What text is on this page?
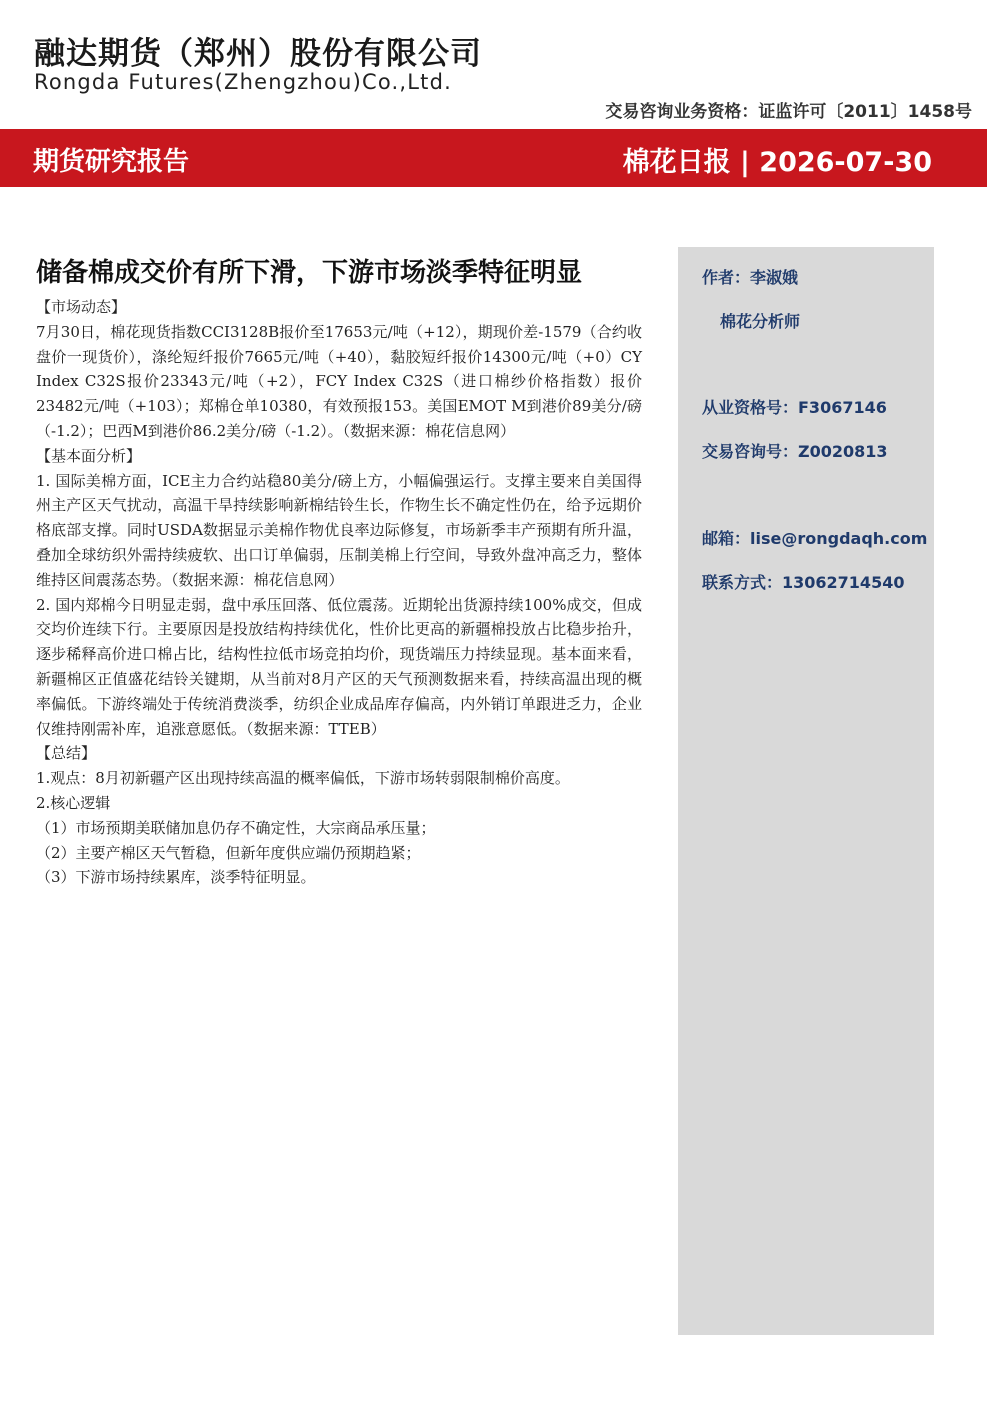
融达期货（郑州）股份有限公司
Rongda Futures(Zhengzhou)Co.,Ltd.
交易咨询业务资格：证监许可〔2011〕1458号
期货研究报告	棉花日报 | 2026-07-30
储备棉成交价有所下滑，下游市场淡季特征明显

【市场动态】

7月30日，棉花现货指数CCI3128B报价至17653元/吨（+12），期现价差-1579（合约收盘价一现货价），涤纶短纤报价7665元/吨（+40），黏胶短纤报价14300元/吨（+0）CY Index C32S报价23343元/吨（+2），FCY Index C32S（进口棉纱价格指数）报价23482元/吨（+103）；郑棉仓单10380，有效预报153。美国EMOT M到港价89美分/磅（-1.2）；巴西M到港价86.2美分/磅（-1.2）。（数据来源：棉花信息网）

【基本面分析】

1. 国际美棉方面，ICE主力合约站稳80美分/磅上方，小幅偏强运行。支撑主要来自美国得州主产区天气扰动，高温干旱持续影响新棉结铃生长，作物生长不确定性仍在，给予远期价格底部支撑。同时USDA数据显示美棉作物优良率边际修复，市场新季丰产预期有所升温，叠加全球纺织外需持续疲软、出口订单偏弱，压制美棉上行空间，导致外盘冲高乏力，整体维持区间震荡态势。（数据来源：棉花信息网）

2. 国内郑棉今日明显走弱，盘中承压回落、低位震荡。近期轮出货源持续100%成交，但成交均价连续下行。主要原因是投放结构持续优化，性价比更高的新疆棉投放占比稳步抬升，逐步稀释高价进口棉占比，结构性拉低市场竞拍均价，现货端压力持续显现。基本面来看，新疆棉区正值盛花结铃关键期，从当前对8月产区的天气预测数据来看，持续高温出现的概率偏低。下游终端处于传统消费淡季，纺织企业成品库存偏高，内外销订单跟进乏力，企业仅维持刚需补库，追涨意愿低。（数据来源：TTEB）

【总结】

1.观点：8月初新疆产区出现持续高温的概率偏低，下游市场转弱限制棉价高度。

2.核心逻辑

（1）市场预期美联储加息仍存不确定性，大宗商品承压量；

（2）主要产棉区天气暂稳，但新年度供应端仍预期趋紧；

（3）下游市场持续累库，淡季特征明显。

作者：李淑娥
棉花分析师
从业资格号：F3067146
交易咨询号：Z0020813
邮箱：lise@rongdaqh.com
联系方式：13062714540
